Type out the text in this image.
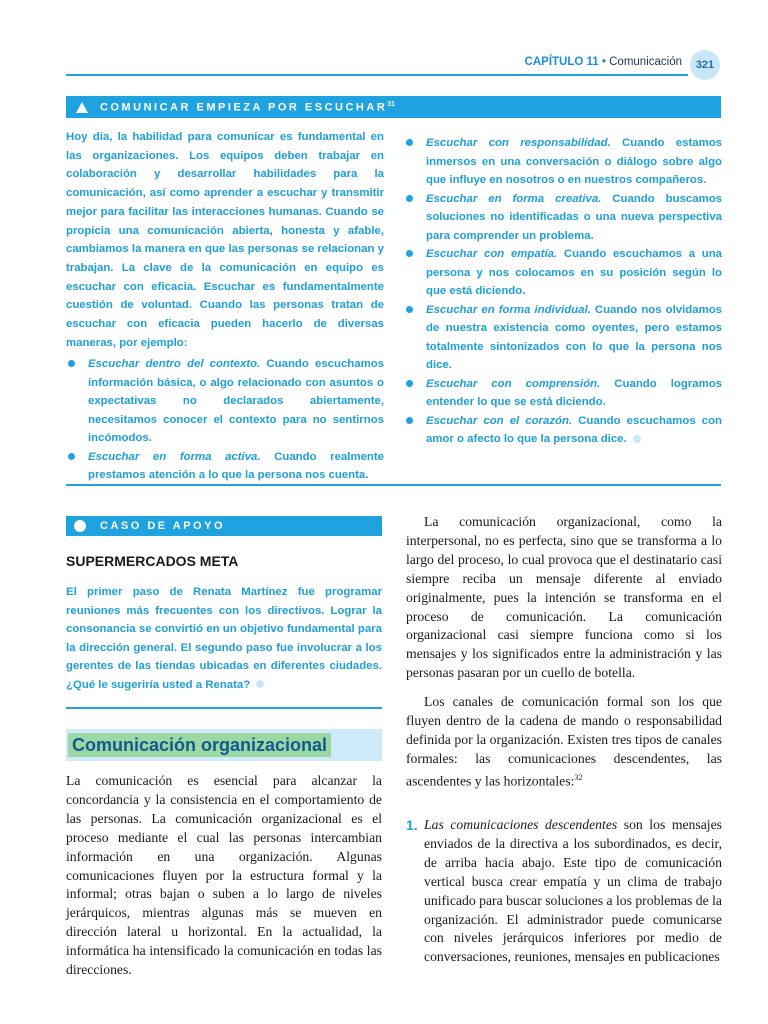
CAPÍTULO 11 • Comunicación	321
COMUNICAR EMPIEZA POR ESCUCHAR$^{31}$

Hoy día, la habilidad para comunicar es fundamental en las organizaciones. Los equipos deben trabajar en colaboración y desarrollar habilidades para la comunicación, así como aprender a escuchar y transmitir mejor para facilitar las interacciones humanas. Cuando se propicia una comunicación abierta, honesta y afable, cambiamos la manera en que las personas se relacionan y trabajan. La clave de la comunicación en equipo es escuchar con eficacia. Escuchar es fundamentalmente cuestión de voluntad. Cuando las personas tratan de escuchar con eficacia pueden hacerlo de diversas maneras, por ejemplo:

Escuchar dentro del contexto. Cuando escuchamos información básica, o algo relacionado con asuntos o expectativas no declarados abiertamente, necesitamos conocer el contexto para no sentirnos incómodos.
Escuchar en forma activa. Cuando realmente prestamos atención a lo que la persona nos cuenta.
Escuchar con responsabilidad. Cuando estamos inmersos en una conversación o diálogo sobre algo que influye en nosotros o en nuestros compañeros.
Escuchar en forma creativa. Cuando buscamos soluciones no identificadas o una nueva perspectiva para comprender un problema.
Escuchar con empatía. Cuando escuchamos a una persona y nos colocamos en su posición según lo que está diciendo.
Escuchar en forma individual. Cuando nos olvidamos de nuestra existencia como oyentes, pero estamos totalmente sintonizados con lo que la persona nos dice.
Escuchar con comprensión. Cuando logramos entender lo que se está diciendo.
Escuchar con el corazón. Cuando escuchamos con amor o afecto lo que la persona dice.
CASO DE APOYO
SUPERMERCADOS META

El primer paso de Renata Martínez fue programar reuniones más frecuentes con los directivos. Lograr la consonancia se convirtió en un objetivo fundamental para la dirección general. El segundo paso fue involucrar a los gerentes de las tiendas ubicadas en diferentes ciudades. ¿Qué le sugeriría usted a Renata?

Comunicación organizacional

La comunicación es esencial para alcanzar la concordancia y la consistencia en el comportamiento de las personas. La comunicación organizacional es el proceso mediante el cual las personas intercambian información en una organización. Algunas comunicaciones fluyen por la estructura formal y la informal; otras bajan o suben a lo largo de niveles jerárquicos, mientras algunas más se mueven en dirección lateral u horizontal. En la actualidad, la informática ha intensificado la comunicación en todas las direcciones.

La comunicación organizacional, como la interpersonal, no es perfecta, sino que se transforma a lo largo del proceso, lo cual provoca que el destinatario casi siempre reciba un mensaje diferente al enviado originalmente, pues la intención se transforma en el proceso de comunicación. La comunicación organizacional casi siempre funciona como si los mensajes y los significados entre la administración y las personas pasaran por un cuello de botella.

Los canales de comunicación formal son los que fluyen dentro de la cadena de mando o responsabilidad definida por la organización. Existen tres tipos de canales formales: las comunicaciones descendentes, las ascendentes y las horizontales:$^{32}$

1. Las comunicaciones descendentes son los mensajes enviados de la directiva a los subordinados, es decir, de arriba hacia abajo. Este tipo de comunicación vertical busca crear empatía y un clima de trabajo unificado para buscar soluciones a los problemas de la organización. El administrador puede comunicarse con niveles jerárquicos inferiores por medio de conversaciones, reuniones, mensajes en publicaciones
